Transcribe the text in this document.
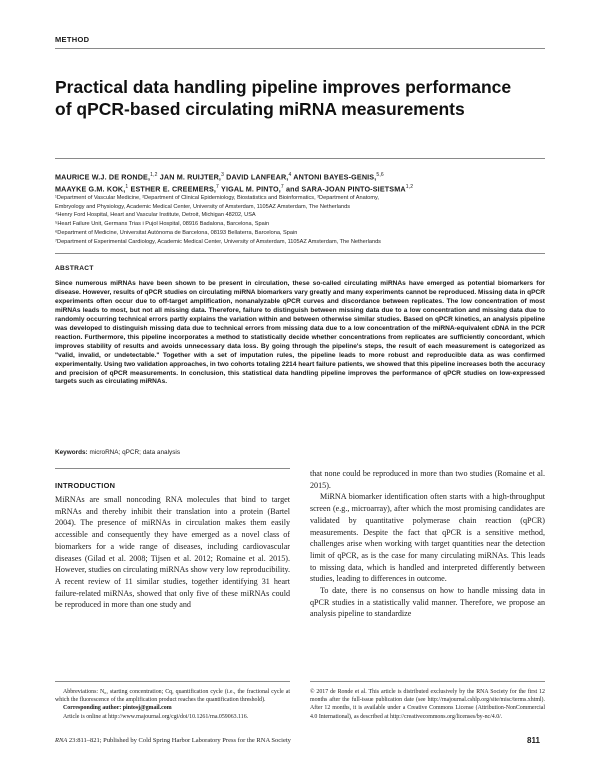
METHOD
Practical data handling pipeline improves performance of qPCR-based circulating miRNA measurements
MAURICE W.J. DE RONDE,$^{1,2}$ JAN M. RUIJTER,$^3$ DAVID LANFEAR,$^4$ ANTONI BAYES-GENIS,$^{5,6}$
MAAYKE G.M. KOK,$^1$ ESTHER E. CREEMERS,$^7$ YIGAL M. PINTO,$^7$ and SARA-JOAN PINTO-SIETSMA$^{1,2}$
¹Department of Vascular Medicine, ²Department of Clinical Epidemiology, Biostatistics and Bioinformatics, ³Department of Anatomy,
Embryology and Physiology, Academic Medical Center, University of Amsterdam, 1105AZ Amsterdam, The Netherlands
⁴Henry Ford Hospital, Heart and Vascular Institute, Detroit, Michigan 48202, USA
⁵Heart Failure Unit, Germans Trias i Pujol Hospital, 08916 Badalona, Barcelona, Spain
⁶Department of Medicine, Universitat Autònoma de Barcelona, 08193 Bellaterra, Barcelona, Spain
⁷Department of Experimental Cardiology, Academic Medical Center, University of Amsterdam, 1105AZ Amsterdam, The Netherlands
ABSTRACT
Since numerous miRNAs have been shown to be present in circulation, these so-called circulating miRNAs have emerged as potential biomarkers for disease. However, results of qPCR studies on circulating miRNA biomarkers vary greatly and many experiments cannot be reproduced. Missing data in qPCR experiments often occur due to off-target amplification, nonanalyzable qPCR curves and discordance between replicates. The low concentration of most miRNAs leads to most, but not all missing data. Therefore, failure to distinguish between missing data due to a low concentration and missing data due to randomly occurring technical errors partly explains the variation within and between otherwise similar studies. Based on qPCR kinetics, an analysis pipeline was developed to distinguish missing data due to technical errors from missing data due to a low concentration of the miRNA-equivalent cDNA in the PCR reaction. Furthermore, this pipeline incorporates a method to statistically decide whether concentrations from replicates are sufficiently concordant, which improves stability of results and avoids unnecessary data loss. By going through the pipeline's steps, the result of each measurement is categorized as "valid, invalid, or undetectable." Together with a set of imputation rules, the pipeline leads to more robust and reproducible data as was confirmed experimentally. Using two validation approaches, in two cohorts totaling 2214 heart failure patients, we showed that this pipeline increases both the accuracy and precision of qPCR measurements. In conclusion, this statistical data handling pipeline improves the performance of qPCR studies on low-expressed targets such as circulating miRNAs.
Keywords: microRNA; qPCR; data analysis
INTRODUCTION

MiRNAs are small noncoding RNA molecules that bind to target mRNAs and thereby inhibit their translation into a protein (Bartel 2004). The presence of miRNAs in circulation makes them easily accessible and consequently they have emerged as a novel class of biomarkers for a wide range of diseases, including cardiovascular diseases (Gilad et al. 2008; Tijsen et al. 2012; Romaine et al. 2015). However, studies on circulating miRNAs show very low reproducibility. A recent review of 11 similar studies, together identifying 31 heart failure-related miRNAs, showed that only five of these miRNAs could be reproduced in more than one study and

that none could be reproduced in more than two studies (Romaine et al. 2015).

MiRNA biomarker identification often starts with a high-throughput screen (e.g., microarray), after which the most promising candidates are validated by quantitative polymerase chain reaction (qPCR) measurements. Despite the fact that qPCR is a sensitive method, challenges arise when working with target quantities near the detection limit of qPCR, as is the case for many circulating miRNAs. This leads to missing data, which is handled and interpreted differently between studies, leading to differences in outcome.

To date, there is no consensus on how to handle missing data in qPCR studies in a statistically valid manner. Therefore, we propose an analysis pipeline to standardize

Abbreviations: N₀, starting concentration; Cq, quantification cycle (i.e., the fractional cycle at which the fluorescence of the amplification product reaches the quantification threshold).

Corresponding author: pintosj@gmail.com

Article is online at http://www.rnajournal.org/cgi/doi/10.1261/rna.059063.116.

© 2017 de Ronde et al. This article is distributed exclusively by the RNA Society for the first 12 months after the full-issue publication date (see http://rnajournal.cshlp.org/site/misc/terms.xhtml). After 12 months, it is available under a Creative Commons License (Attribution-NonCommercial 4.0 International), as described at http://creativecommons.org/licenses/by-nc/4.0/.
RNA 23:811–821; Published by Cold Spring Harbor Laboratory Press for the RNA Society	811
